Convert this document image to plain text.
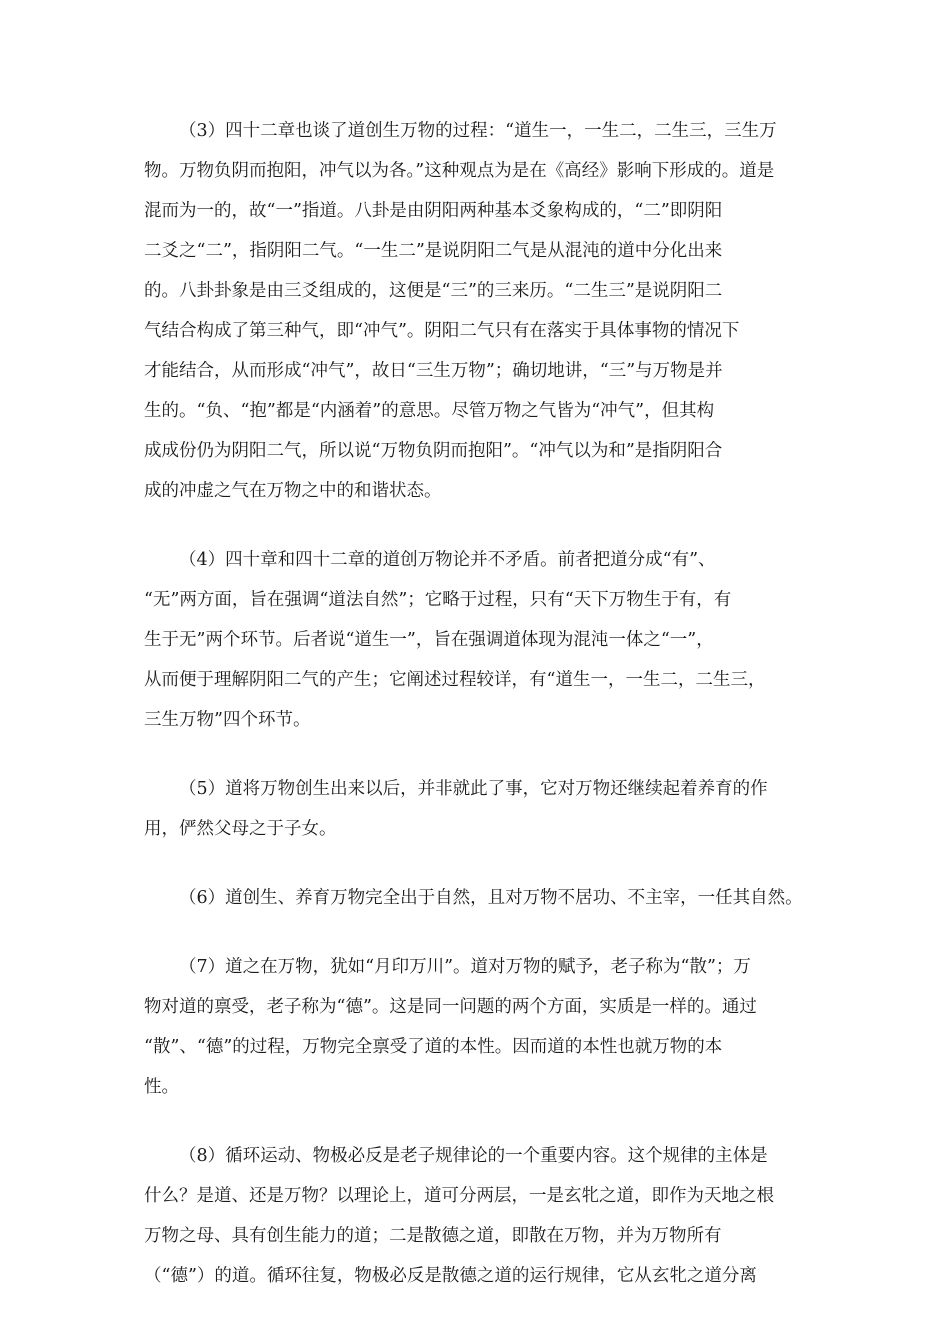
（3）四十二章也谈了道创生万物的过程：“道生一，一生二，二生三，三生万
物。万物负阴而抱阳，冲气以为各。”这种观点为是在《高经》影响下形成的。道是
混而为一的，故“一”指道。八卦是由阴阳两种基本爻象构成的，“二”即阴阳
二爻之“二”，指阴阳二气。“一生二”是说阴阳二气是从混沌的道中分化出来
的。八卦卦象是由三爻组成的，这便是“三”的三来历。“二生三”是说阴阳二
气结合构成了第三种气，即“冲气”。阴阳二气只有在落实于具体事物的情况下
才能结合，从而形成“冲气”，故日“三生万物”；确切地讲，“三”与万物是并
生的。“负、“抱”都是“内涵着”的意思。尽管万物之气皆为“冲气”，但其构
成成份仍为阴阳二气，所以说“万物负阴而抱阳”。“冲气以为和”是指阴阳合
成的冲虚之气在万物之中的和谐状态。
（4）四十章和四十二章的道创万物论并不矛盾。前者把道分成“有”、
“无”两方面，旨在强调“道法自然”；它略于过程，只有“天下万物生于有，有
生于无”两个环节。后者说“道生一”，旨在强调道体现为混沌一体之“一”，
从而便于理解阴阳二气的产生；它阐述过程较详，有“道生一，一生二，二生三，
三生万物”四个环节。
（5）道将万物创生出来以后，并非就此了事，它对万物还继续起着养育的作
用，俨然父母之于子女。
（6）道创生、养育万物完全出于自然，且对万物不居功、不主宰，一任其自然。
（7）道之在万物，犹如“月印万川”。道对万物的赋予，老子称为“散”；万
物对道的禀受，老子称为“德”。这是同一问题的两个方面，实质是一样的。通过
“散”、“德”的过程，万物完全禀受了道的本性。因而道的本性也就万物的本
性。
（8）循环运动、物极必反是老子规律论的一个重要内容。这个规律的主体是
什么？是道、还是万物？以理论上，道可分两层，一是玄牝之道，即作为天地之根
万物之母、具有创生能力的道；二是散德之道，即散在万物，并为万物所有
（“德”）的道。循环往复，物极必反是散德之道的运行规律，它从玄牝之道分离
